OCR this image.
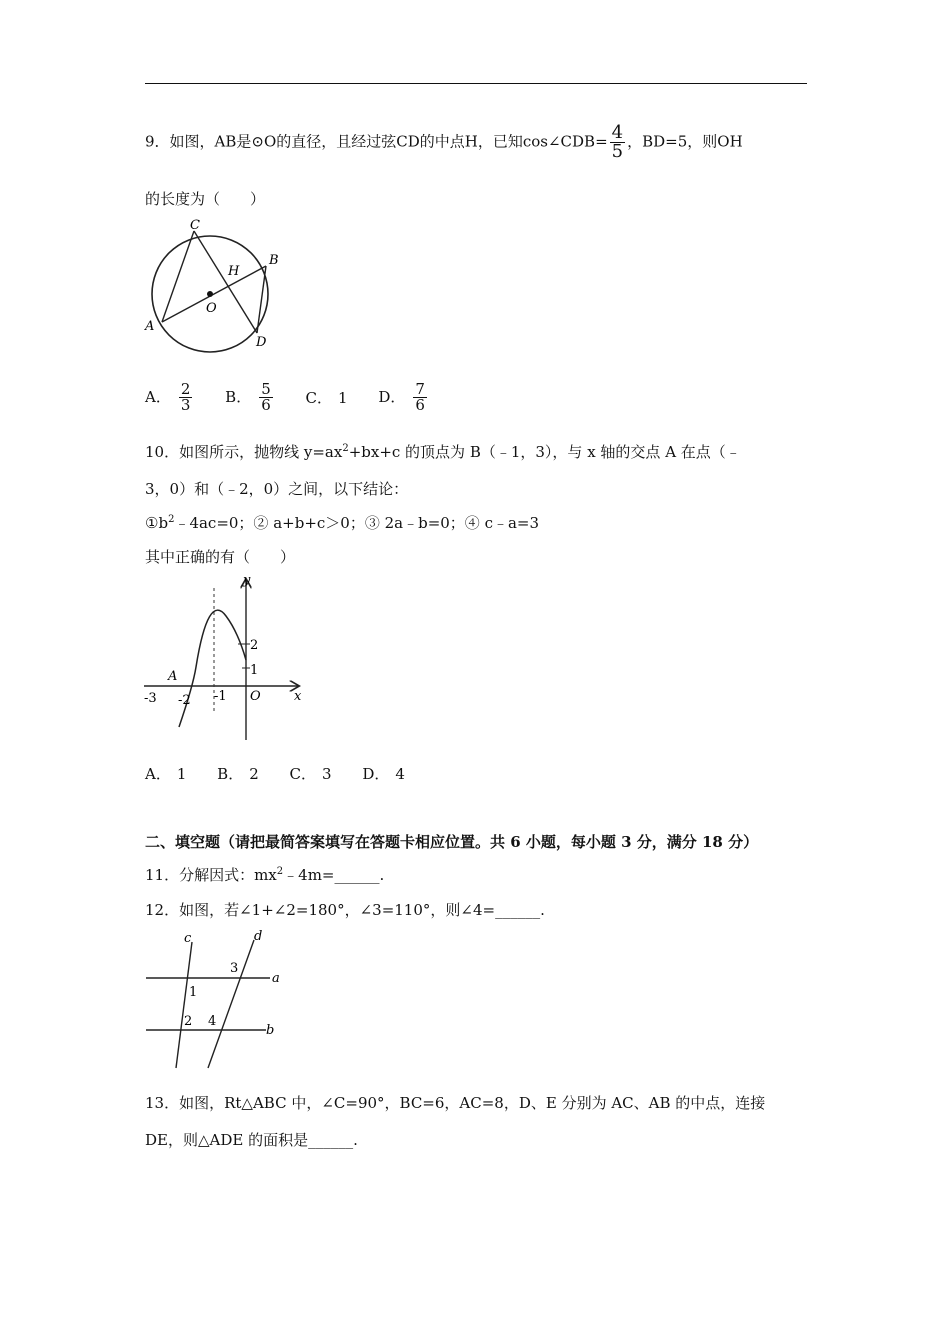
9．如图，AB是⊙O的直径，且经过弦CD的中点H，已知cos∠CDB= $\frac{4}{5}$ ，BD=5，则OH
的长度为（　　）
C
H
B
O
A
D
A． $\frac{2}{3}$ B． $\frac{5}{6}$ C． 1 D． $\frac{7}{6}$
10．如图所示，抛物线 $y=ax^2+bx+c$ 的顶点为 B（﹣1，3），与 x 轴的交点 A 在点（﹣
3，0）和（﹣2，0）之间，以下结论：
$①b^2﹣4ac=0$；② a+b+c＞0；③ 2a﹣b=0；④ c﹣a=3
其中正确的有（　　）
y
x
O
A
-3 -2 -1
2
1
A． 1 B． 2 C． 3 D． 4
二、填空题（请把最简答案填写在答题卡相应位置。共 6 小题，每小题 3 分，满分 18 分）
11．分解因式：$mx^2﹣4m=\_\_\_\_\_\_$.
12．如图，若∠1+∠2=180°，∠3=110°，则∠4=______.
c	d
a
b
1
2
3
4
13．如图，Rt△ABC 中，∠C=90°，BC=6，AC=8，D、E 分别为 AC、AB 的中点，连接
DE，则△ADE 的面积是______.
